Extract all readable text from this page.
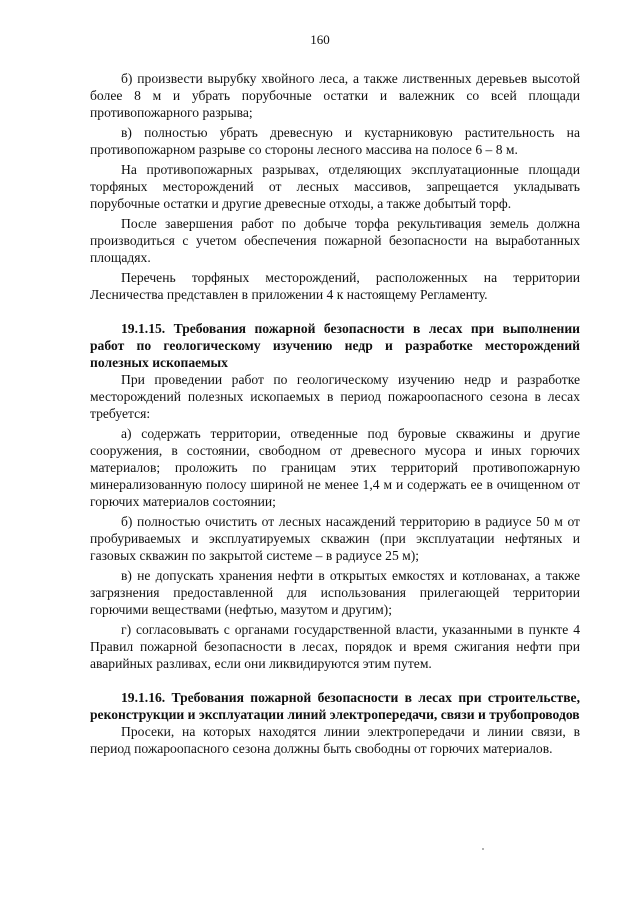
160

б) произвести вырубку хвойного леса, а также лиственных деревьев высотой более 8 м и убрать порубочные остатки и валежник со всей площади противопожарного разрыва;

в) полностью убрать древесную и кустарниковую растительность на противопожарном разрыве со стороны лесного массива на полосе 6 – 8 м.

На противопожарных разрывах, отделяющих эксплуатационные площади торфяных месторождений от лесных массивов, запрещается укладывать порубочные остатки и другие древесные отходы, а также добытый торф.

После завершения работ по добыче торфа рекультивация земель должна производиться с учетом обеспечения пожарной безопасности на выработанных площадях.

Перечень торфяных месторождений, расположенных на территории Лесничества представлен в приложении 4 к настоящему Регламенту.

19.1.15. Требования пожарной безопасности в лесах при выполнении работ по геологическому изучению недр и разработке месторождений полезных ископаемых

При проведении работ по геологическому изучению недр и разработке месторождений полезных ископаемых в период пожароопасного сезона в лесах требуется:

а) содержать территории, отведенные под буровые скважины и другие сооружения, в состоянии, свободном от древесного мусора и иных горючих материалов; проложить по границам этих территорий противопожарную минерализованную полосу шириной не менее 1,4 м и содержать ее в очищенном от горючих материалов состоянии;

б) полностью очистить от лесных насаждений территорию в радиусе 50 м от пробуриваемых и эксплуатируемых скважин (при эксплуатации нефтяных и газовых скважин по закрытой системе – в радиусе 25 м);

в) не допускать хранения нефти в открытых емкостях и котлованах, а также загрязнения предоставленной для использования прилегающей территории горючими веществами (нефтью, мазутом и другим);

г) согласовывать с органами государственной власти, указанными в пункте 4 Правил пожарной безопасности в лесах, порядок и время сжигания нефти при аварийных разливах, если они ликвидируются этим путем.

19.1.16. Требования пожарной безопасности в лесах при строительстве, реконструкции и эксплуатации линий электропередачи, связи и трубопроводов

Просеки, на которых находятся линии электропередачи и линии связи, в период пожароопасного сезона должны быть свободны от горючих материалов.
